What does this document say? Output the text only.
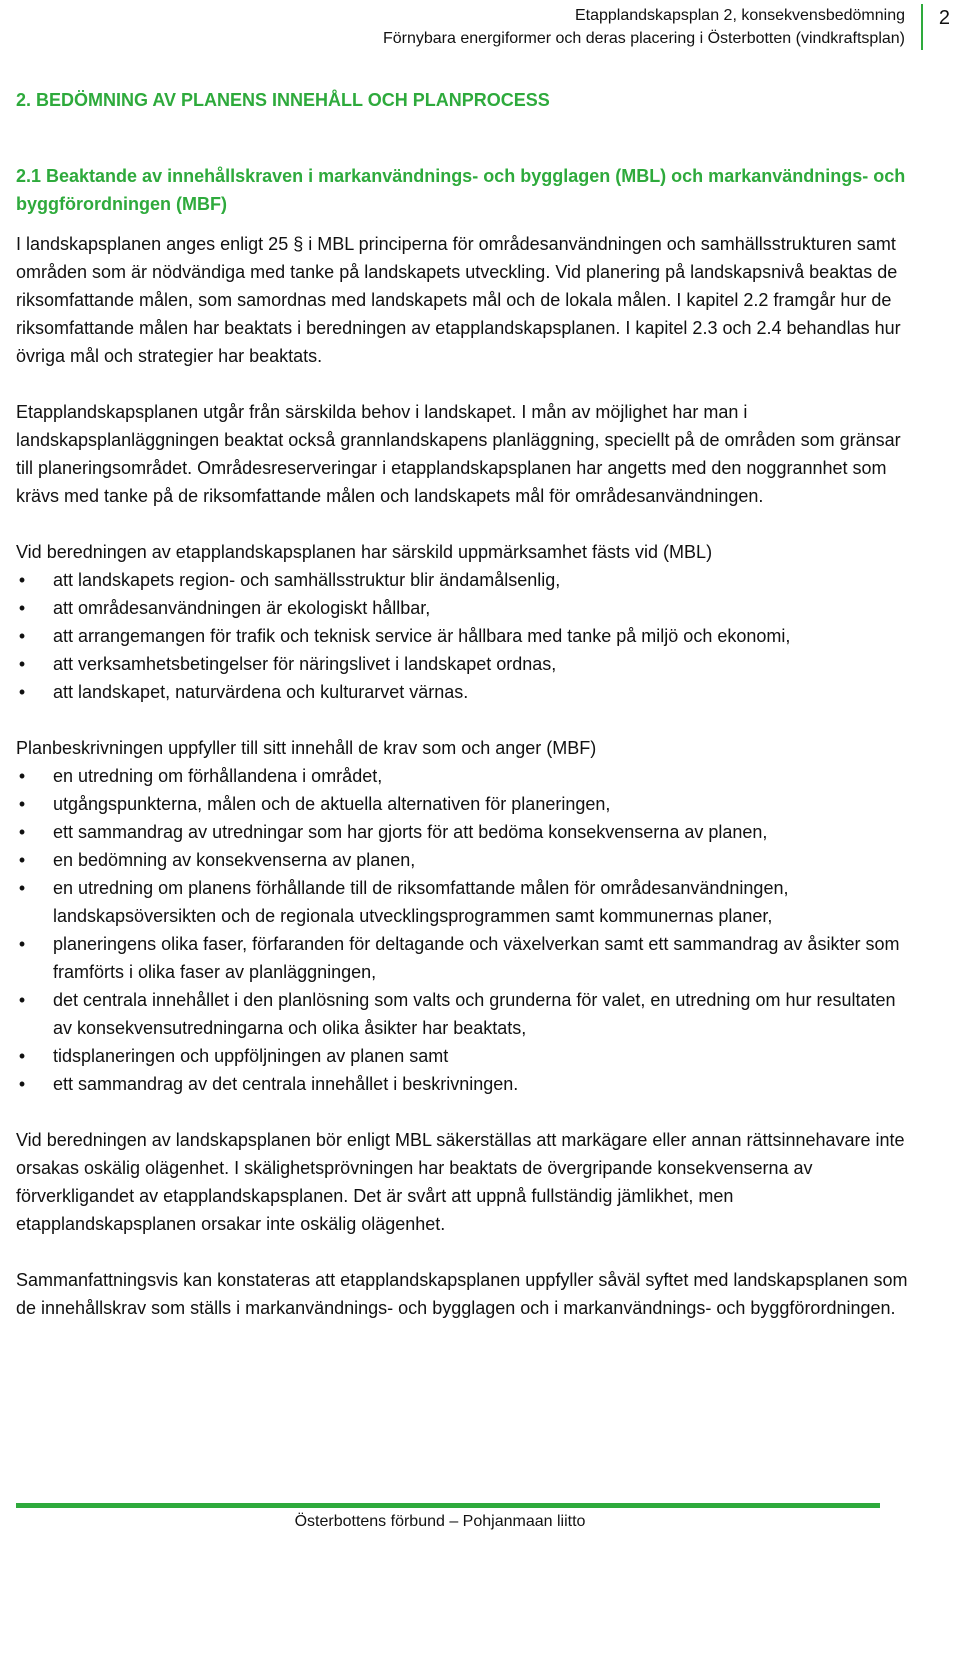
Etapplandskapsplan 2, konsekvensbedömning
Förnybara energiformer och deras placering i Österbotten (vindkraftsplan)
2
2. BEDÖMNING AV PLANENS INNEHÅLL OCH PLANPROCESS
2.1 Beaktande av innehållskraven i markanvändnings- och bygglagen (MBL) och markanvändnings- och byggförordningen (MBF)

I landskapsplanen anges enligt 25 § i MBL principerna för områdesanvändningen och samhällsstrukturen samt områden som är nödvändiga med tanke på landskapets utveckling. Vid planering på landskapsnivå beaktas de riksomfattande målen, som samordnas med landskapets mål och de lokala målen. I kapitel 2.2 framgår hur de riksomfattande målen har beaktats i beredningen av etapplandskapsplanen. I kapitel 2.3 och 2.4 behandlas hur övriga mål och strategier har beaktats.

Etapplandskapsplanen utgår från särskilda behov i landskapet. I mån av möjlighet har man i landskapsplanläggningen beaktat också grannlandskapens planläggning, speciellt på de områden som gränsar till planeringsområdet. Områdesreserveringar i etapplandskapsplanen har angetts med den noggrannhet som krävs med tanke på de riksomfattande målen och landskapets mål för områdesanvändningen.

Vid beredningen av etapplandskapsplanen har särskild uppmärksamhet fästs vid (MBL)

• att landskapets region- och samhällsstruktur blir ändamålsenlig,
• att områdesanvändningen är ekologiskt hållbar,
• att arrangemangen för trafik och teknisk service är hållbara med tanke på miljö och ekonomi,
• att verksamhetsbetingelser för näringslivet i landskapet ordnas,
• att landskapet, naturvärdena och kulturarvet värnas.

Planbeskrivningen uppfyller till sitt innehåll de krav som och anger (MBF)

• en utredning om förhållandena i området,
• utgångspunkterna, målen och de aktuella alternativen för planeringen,
• ett sammandrag av utredningar som har gjorts för att bedöma konsekvenserna av planen,
• en bedömning av konsekvenserna av planen,
• en utredning om planens förhållande till de riksomfattande målen för områdesanvändningen, landskapsöversikten och de regionala utvecklingsprogrammen samt kommunernas planer,
• planeringens olika faser, förfaranden för deltagande och växelverkan samt ett sammandrag av åsikter som framförts i olika faser av planläggningen,
• det centrala innehållet i den planlösning som valts och grunderna för valet, en utredning om hur resultaten av konsekvensutredningarna och olika åsikter har beaktats,
• tidsplaneringen och uppföljningen av planen samt
• ett sammandrag av det centrala innehållet i beskrivningen.

Vid beredningen av landskapsplanen bör enligt MBL säkerställas att markägare eller annan rättsinnehavare inte orsakas oskälig olägenhet. I skälighetsprövningen har beaktats de övergripande konsekvenserna av förverkligandet av etapplandskapsplanen. Det är svårt att uppnå fullständig jämlikhet, men etapplandskapsplanen orsakar inte oskälig olägenhet.

Sammanfattningsvis kan konstateras att etapplandskapsplanen uppfyller såväl syftet med landskapsplanen som de innehållskrav som ställs i markanvändnings- och bygglagen och i markanvändnings- och byggförordningen.

Österbottens förbund – Pohjanmaan liitto
